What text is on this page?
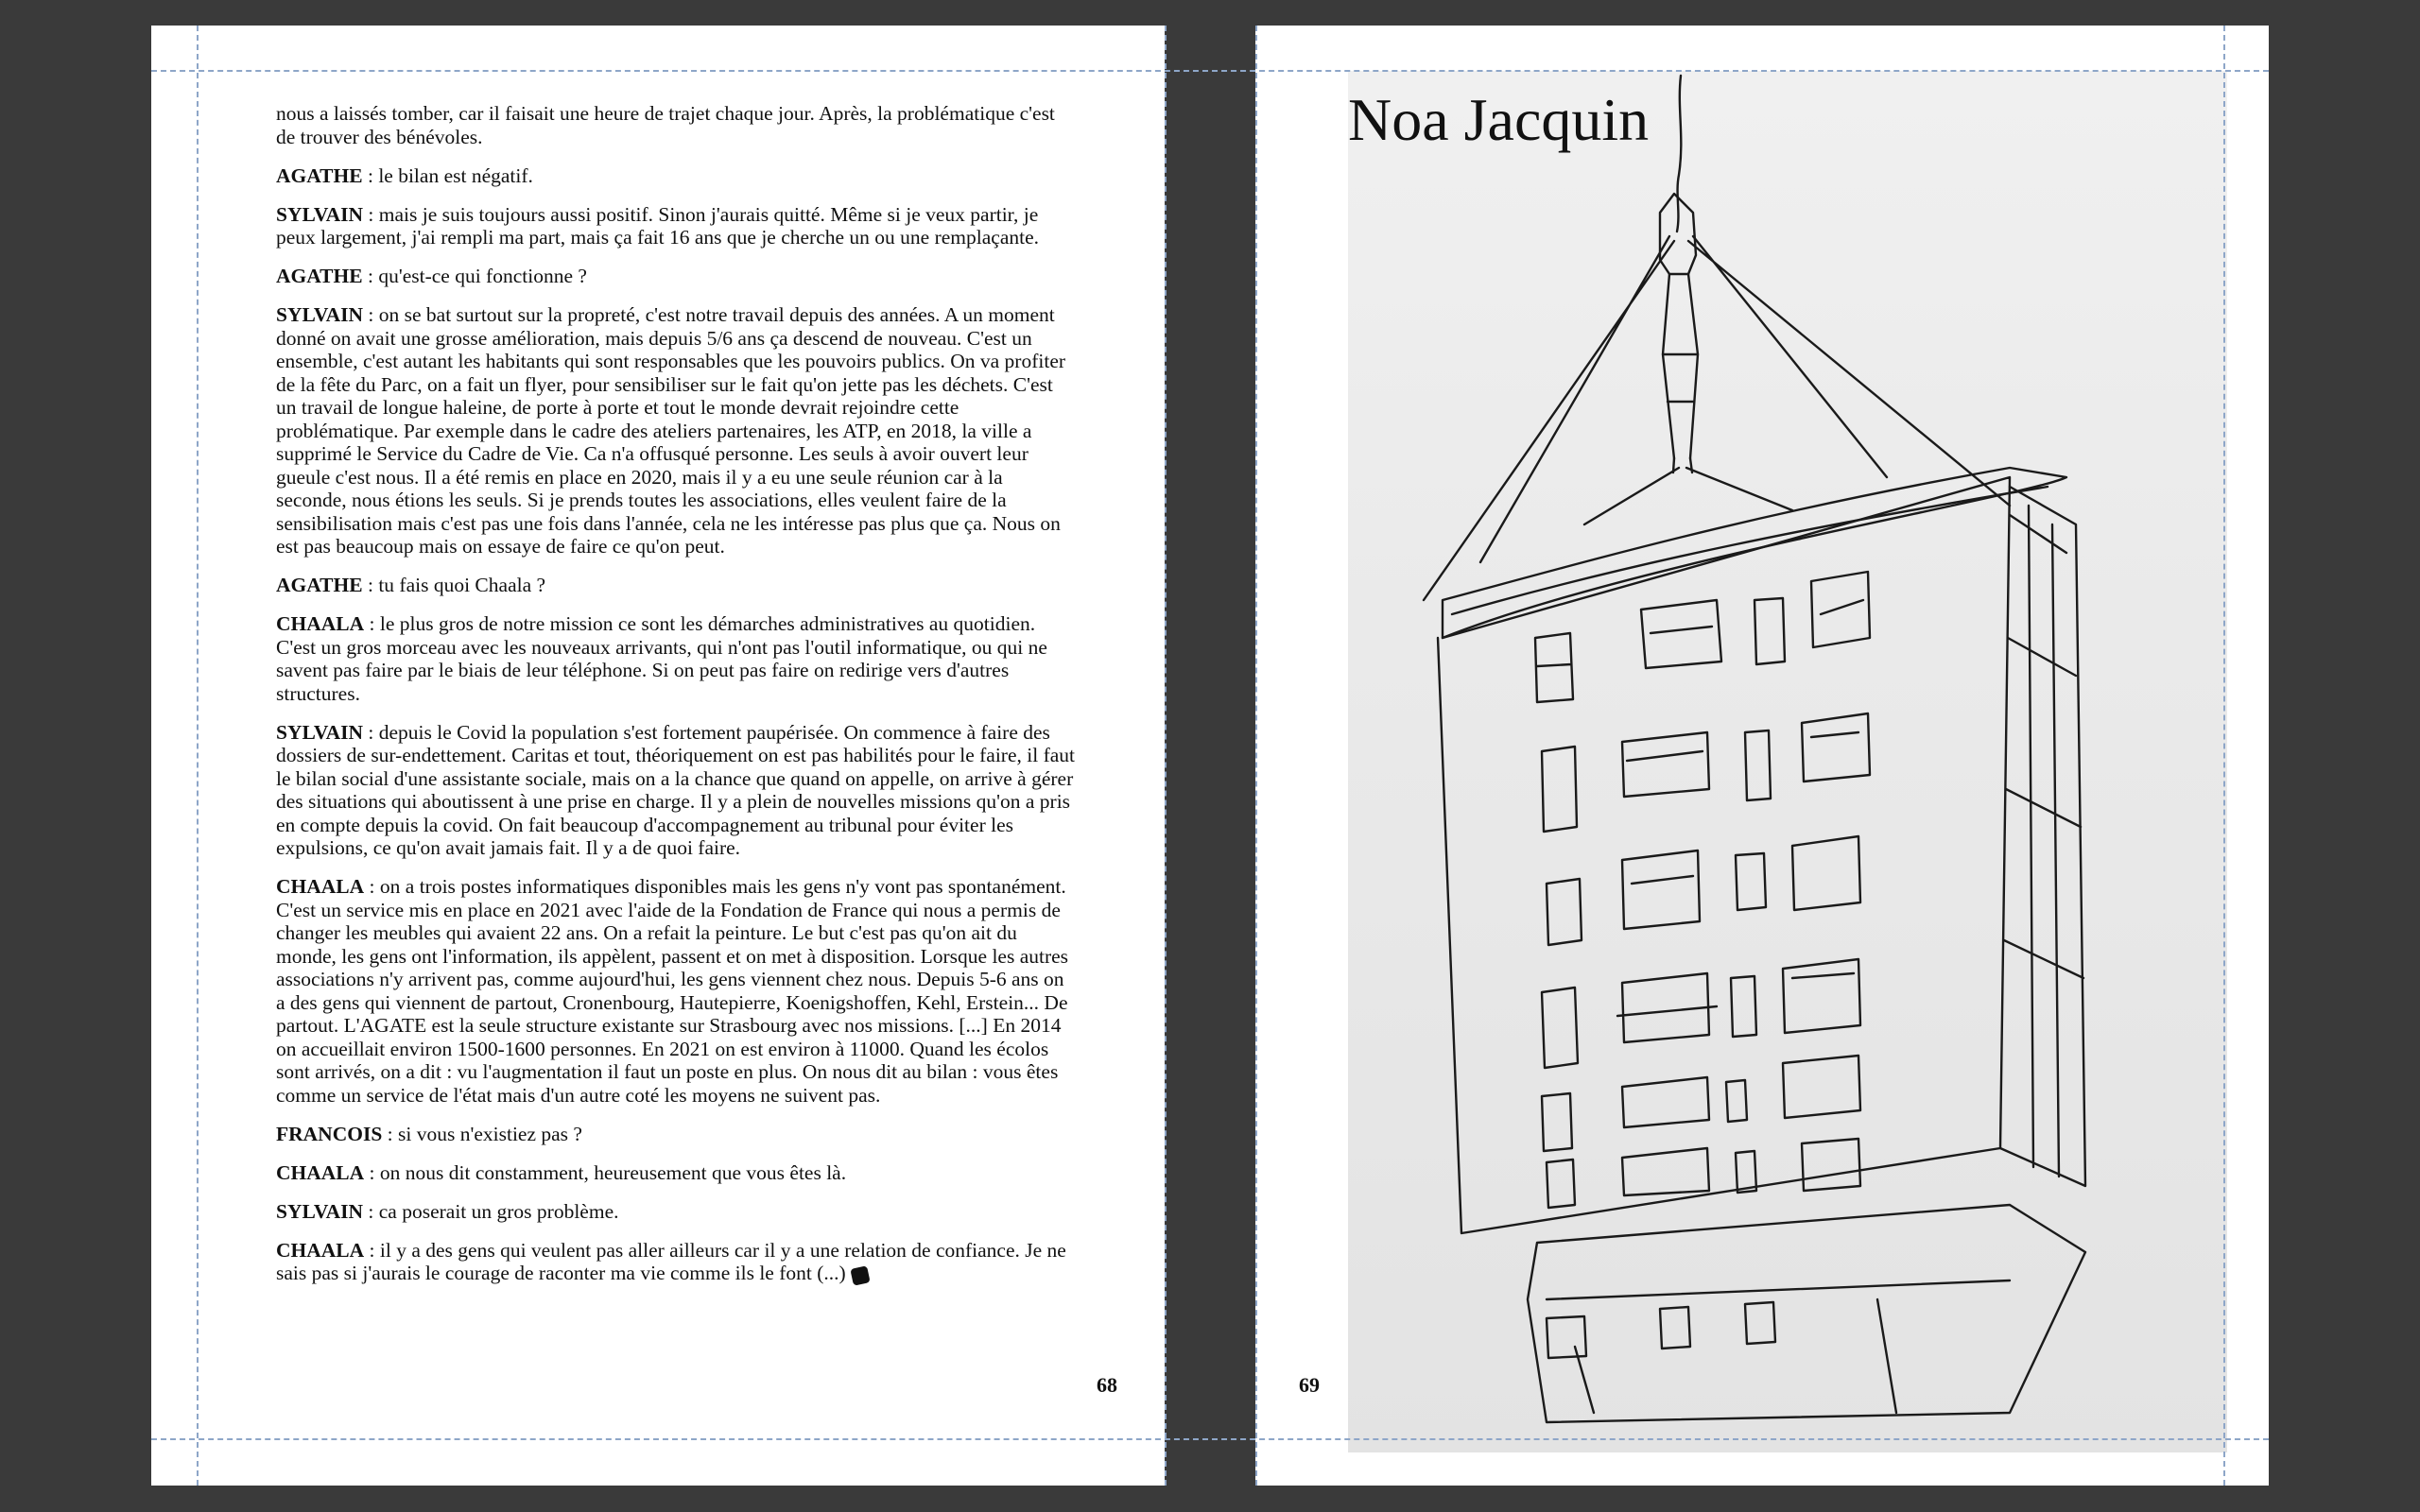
Noa Jacquin

nous a laissés tomber, car il faisait une heure de trajet chaque jour. Après, la problématique c'est de trouver des bénévoles.

AGATHE : le bilan est négatif.

SYLVAIN : mais je suis toujours aussi positif. Sinon j'aurais quitté. Même si je veux partir, je peux largement, j'ai rempli ma part, mais ça fait 16 ans que je cherche un ou une remplaçante.

AGATHE : qu'est-ce qui fonctionne ?

SYLVAIN : on se bat surtout sur la propreté, c'est notre travail depuis des années. A un moment donné on avait une grosse amélioration, mais depuis 5/6 ans ça descend de nouveau. C'est un ensemble, c'est autant les habitants qui sont responsables que les pouvoirs publics. On va profiter de la fête du Parc, on a fait un flyer, pour sensibiliser sur le fait qu'on jette pas les déchets. C'est un travail de longue haleine, de porte à porte et tout le monde devrait rejoindre cette problématique. Par exemple dans le cadre des ateliers partenaires, les ATP, en 2018, la ville a supprimé le Service du Cadre de Vie. Ca n'a offusqué personne. Les seuls à avoir ouvert leur gueule c'est nous. Il a été remis en place en 2020, mais il y a eu une seule réunion car à la seconde, nous étions les seuls. Si je prends toutes les associations, elles veulent faire de la sensibilisation mais c'est pas une fois dans l'année, cela ne les intéresse pas plus que ça. Nous on est pas beaucoup mais on essaye de faire ce qu'on peut.

AGATHE : tu fais quoi Chaala ?

CHAALA : le plus gros de notre mission ce sont les démarches administratives au quotidien. C'est un gros morceau avec les nouveaux arrivants, qui n'ont pas l'outil informatique, ou qui ne savent pas faire par le biais de leur téléphone. Si on peut pas faire on redirige vers d'autres structures.

SYLVAIN : depuis le Covid la population s'est fortement paupérisée. On commence à faire des dossiers de sur-endettement. Caritas et tout, théoriquement on est pas habilités pour le faire, il faut le bilan social d'une assistante sociale, mais on a la chance que quand on appelle, on arrive à gérer des situations qui aboutissent à une prise en charge. Il y a plein de nouvelles missions qu'on a pris en compte depuis la covid. On fait beaucoup d'accompagnement au tribunal pour éviter les expulsions, ce qu'on avait jamais fait. Il y a de quoi faire.

CHAALA : on a trois postes informatiques disponibles mais les gens n'y vont pas spontanément. C'est un service mis en place en 2021 avec l'aide de la Fondation de France qui nous a permis de changer les meubles qui avaient 22 ans. On a refait la peinture. Le but c'est pas qu'on ait du monde, les gens ont l'information, ils appèlent, passent et on met à disposition. Lorsque les autres associations n'y arrivent pas, comme aujourd'hui, les gens viennent chez nous. Depuis 5-6 ans on a des gens qui viennent de partout, Cronenbourg, Hautepierre, Koenigshoffen, Kehl, Erstein... De partout. L'AGATE est la seule structure existante sur Strasbourg avec nos missions. [...] En 2014 on accueillait environ 1500-1600 personnes. En 2021 on est environ à 11000. Quand les écolos sont arrivés, on a dit : vu l'augmentation il faut un poste en plus. On nous dit au bilan : vous êtes comme un service de l'état mais d'un autre coté les moyens ne suivent pas.

FRANCOIS : si vous n'existiez pas ?

CHAALA : on nous dit constamment, heureusement que vous êtes là.

SYLVAIN : ca poserait un gros problème.

CHAALA : il y a des gens qui veulent pas aller ailleurs car il y a une relation de confiance. Je ne sais pas si j'aurais le courage de raconter ma vie comme ils le font (...)

68	69
